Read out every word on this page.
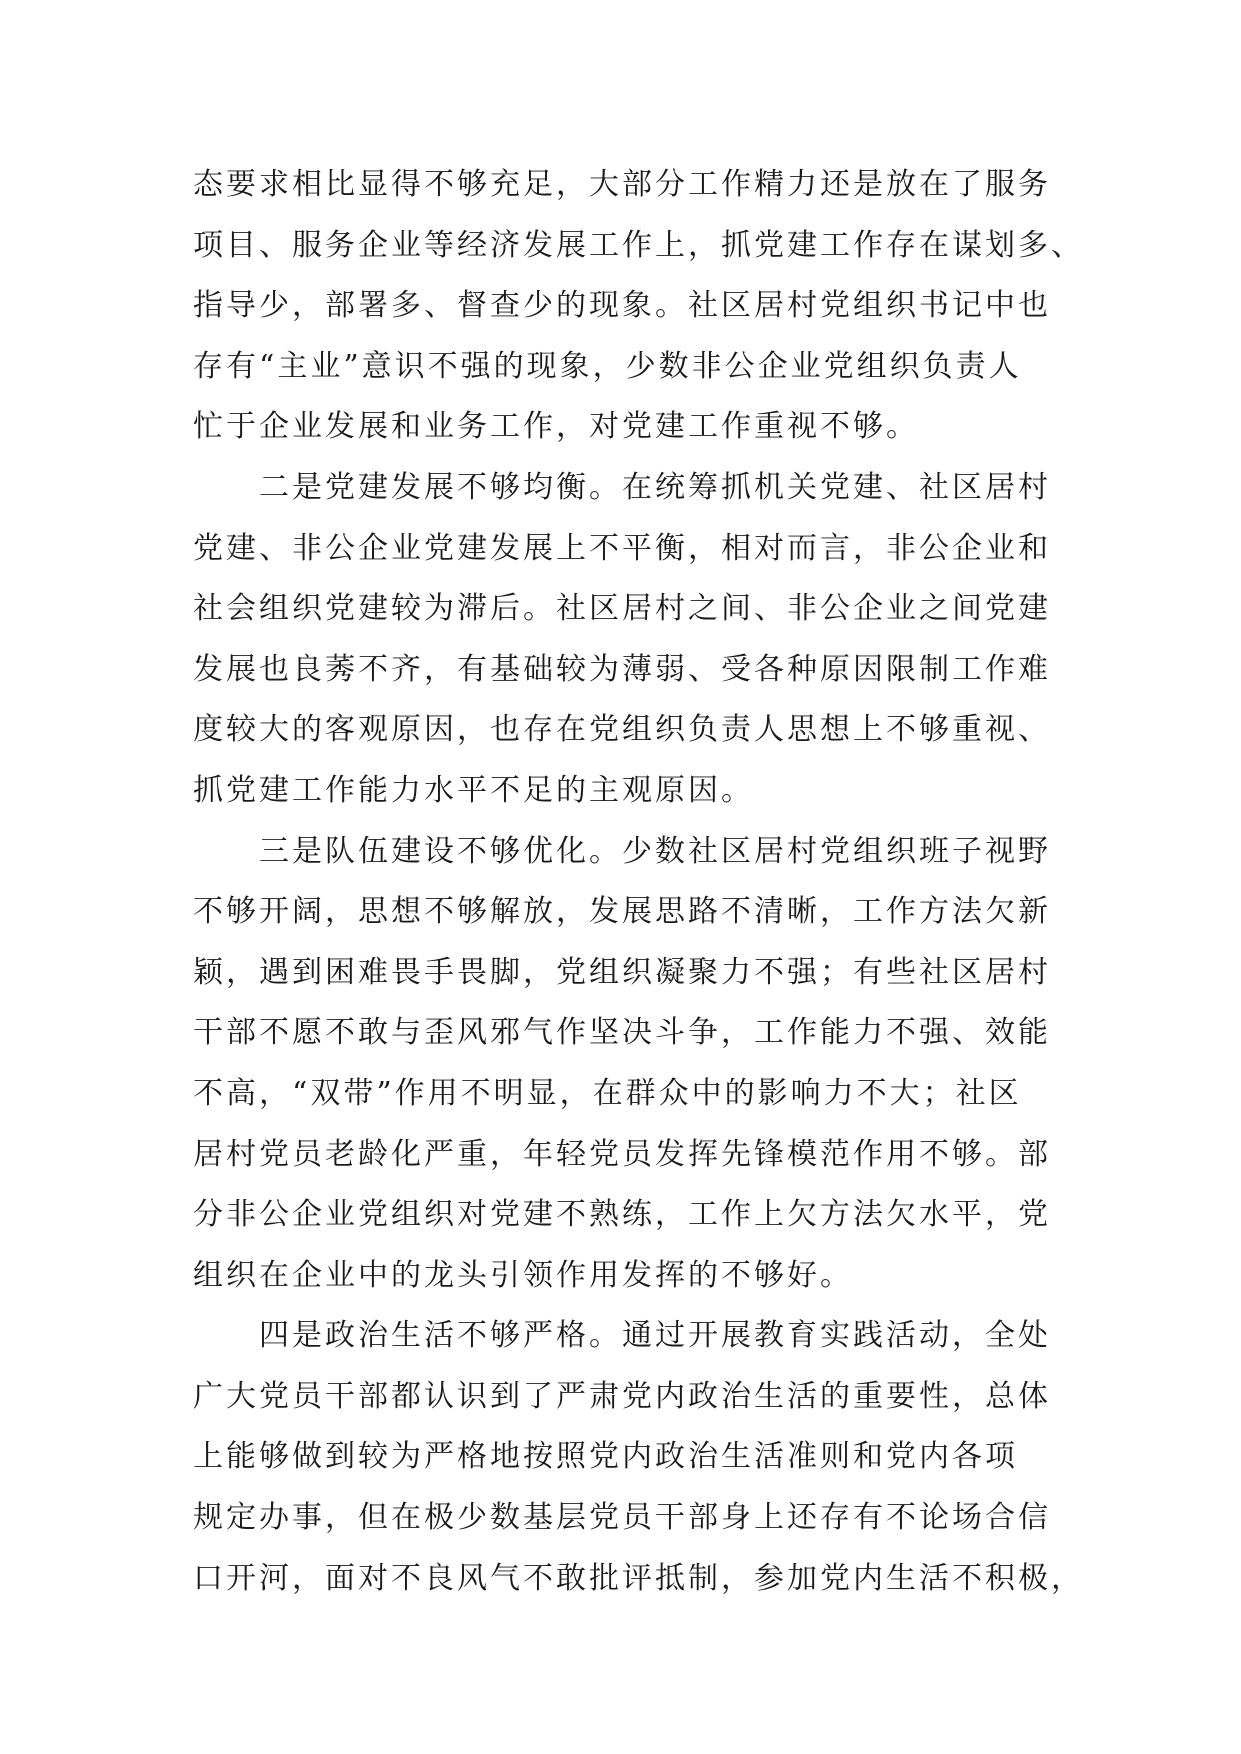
态要求相比显得不够充足，大部分工作精力还是放在了服务
项目、服务企业等经济发展工作上，抓党建工作存在谋划多、
指导少，部署多、督查少的现象。社区居村党组织书记中也
存有“主业”意识不强的现象，少数非公企业党组织负责人
忙于企业发展和业务工作，对党建工作重视不够。
二是党建发展不够均衡。在统筹抓机关党建、社区居村
党建、非公企业党建发展上不平衡，相对而言，非公企业和
社会组织党建较为滞后。社区居村之间、非公企业之间党建
发展也良莠不齐，有基础较为薄弱、受各种原因限制工作难
度较大的客观原因，也存在党组织负责人思想上不够重视、
抓党建工作能力水平不足的主观原因。
三是队伍建设不够优化。少数社区居村党组织班子视野
不够开阔，思想不够解放，发展思路不清晰，工作方法欠新
颖，遇到困难畏手畏脚，党组织凝聚力不强；有些社区居村
干部不愿不敢与歪风邪气作坚决斗争，工作能力不强、效能
不高，“双带”作用不明显，在群众中的影响力不大；社区
居村党员老龄化严重，年轻党员发挥先锋模范作用不够。部
分非公企业党组织对党建不熟练，工作上欠方法欠水平，党
组织在企业中的龙头引领作用发挥的不够好。
四是政治生活不够严格。通过开展教育实践活动，全处
广大党员干部都认识到了严肃党内政治生活的重要性，总体
上能够做到较为严格地按照党内政治生活准则和党内各项
规定办事，但在极少数基层党员干部身上还存有不论场合信
口开河，面对不良风气不敢批评抵制，参加党内生活不积极，
